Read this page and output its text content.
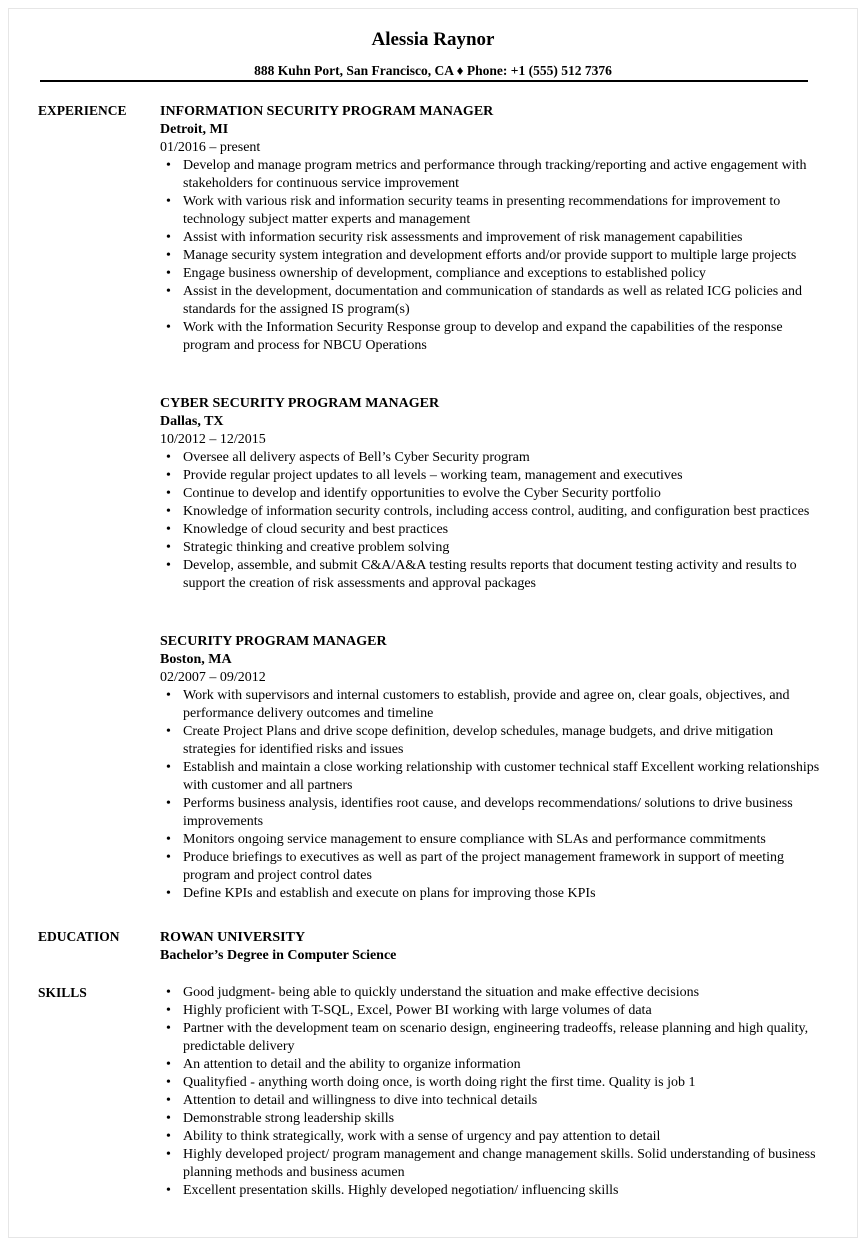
Alessia Raynor
888 Kuhn Port, San Francisco, CA ♦ Phone: +1 (555) 512 7376
EXPERIENCE INFORMATION SECURITY PROGRAM MANAGER
Detroit, MI
01/2016 – present
• Develop and manage program metrics and performance through tracking/reporting and active engagement with stakeholders for continuous service improvement
• Work with various risk and information security teams in presenting recommendations for improvement to technology subject matter experts and management
• Assist with information security risk assessments and improvement of risk management capabilities
• Manage security system integration and development efforts and/or provide support to multiple large projects
• Engage business ownership of development, compliance and exceptions to established policy
• Assist in the development, documentation and communication of standards as well as related ICG policies and standards for the assigned IS program(s)
• Work with the Information Security Response group to develop and expand the capabilities of the response program and process for NBCU Operations
CYBER SECURITY PROGRAM MANAGER
Dallas, TX
10/2012 – 12/2015
• Oversee all delivery aspects of Bell’s Cyber Security program
• Provide regular project updates to all levels – working team, management and executives
• Continue to develop and identify opportunities to evolve the Cyber Security portfolio
• Knowledge of information security controls, including access control, auditing, and configuration best practices
• Knowledge of cloud security and best practices
• Strategic thinking and creative problem solving
• Develop, assemble, and submit C&A/A&A testing results reports that document testing activity and results to support the creation of risk assessments and approval packages
SECURITY PROGRAM MANAGER
Boston, MA
02/2007 – 09/2012
• Work with supervisors and internal customers to establish, provide and agree on, clear goals, objectives, and performance delivery outcomes and timeline
• Create Project Plans and drive scope definition, develop schedules, manage budgets, and drive mitigation strategies for identified risks and issues
• Establish and maintain a close working relationship with customer technical staff Excellent working relationships with customer and all partners
• Performs business analysis, identifies root cause, and develops recommendations/ solutions to drive business improvements
• Monitors ongoing service management to ensure compliance with SLAs and performance commitments
• Produce briefings to executives as well as part of the project management framework in support of meeting program and project control dates
• Define KPIs and establish and execute on plans for improving those KPIs
EDUCATION	ROWAN UNIVERSITY
Bachelor’s Degree in Computer Science
SKILLS
•	Good judgment- being able to quickly understand the situation and make effective decisions
• Highly proficient with T-SQL, Excel, Power BI working with large volumes of data
• Partner with the development team on scenario design, engineering tradeoffs, release planning and high quality, predictable delivery
• An attention to detail and the ability to organize information
• Qualityfied - anything worth doing once, is worth doing right the first time. Quality is job 1
• Attention to detail and willingness to dive into technical details
• Demonstrable strong leadership skills
• Ability to think strategically, work with a sense of urgency and pay attention to detail
• Highly developed project/ program management and change management skills. Solid understanding of business planning methods and business acumen
• Excellent presentation skills. Highly developed negotiation/ influencing skills
